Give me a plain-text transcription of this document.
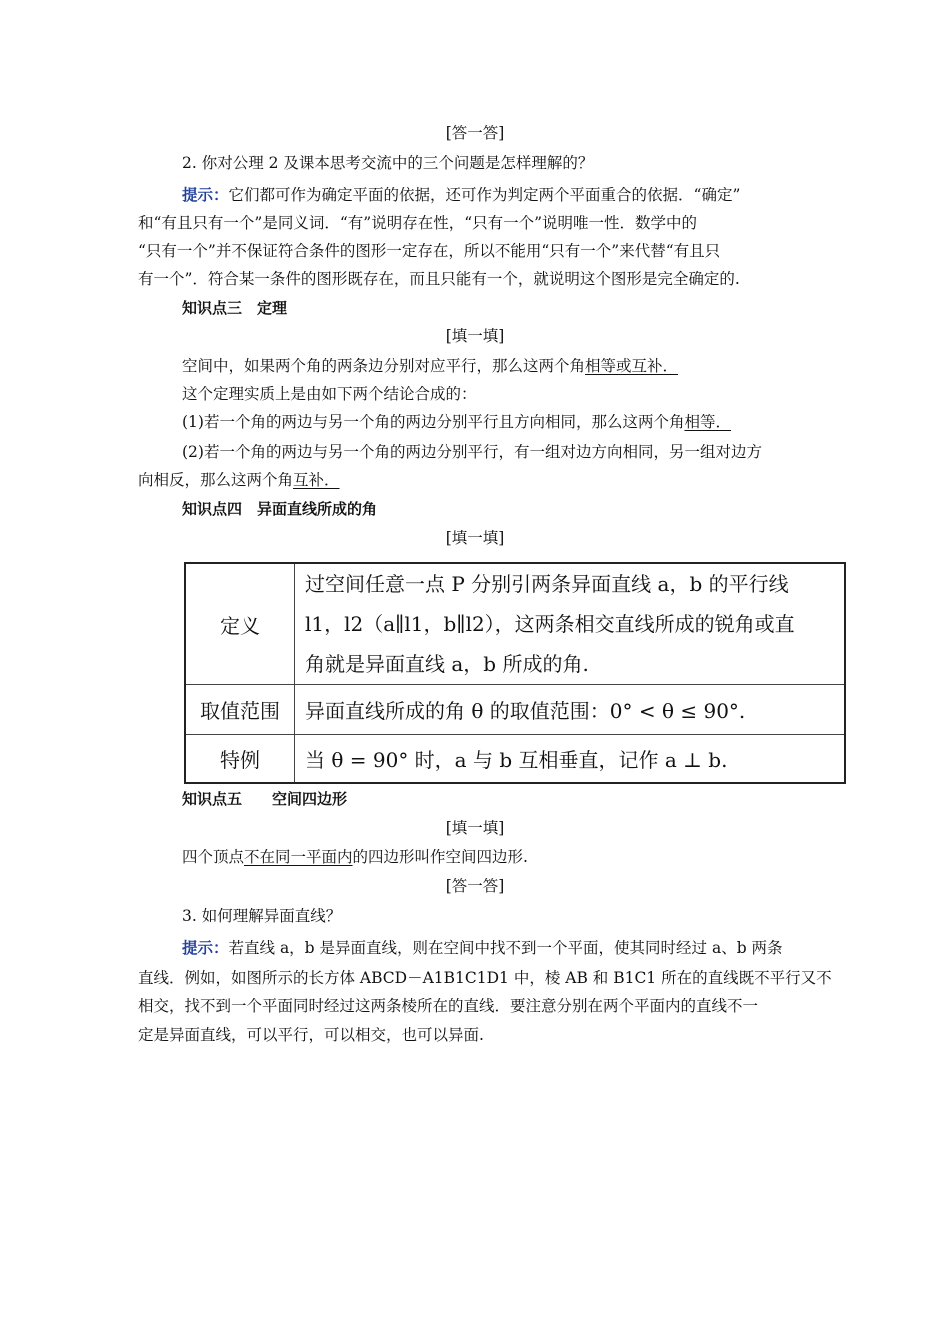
[答一答]
2. 你对公理 2 及课本思考交流中的三个问题是怎样理解的？
提示：它们都可作为确定平面的依据，还可作为判定两个平面重合的依据．“确定”
和“有且只有一个”是同义词．“有”说明存在性，“只有一个”说明唯一性．数学中的
“只有一个”并不保证符合条件的图形一定存在，所以不能用“只有一个”来代替“有且只
有一个”．符合某一条件的图形既存在，而且只能有一个，就说明这个图形是完全确定的.
知识点三　定理
[填一填]
空间中，如果两个角的两条边分别对应平行，那么这两个角相等或互补．
这个定理实质上是由如下两个结论合成的：
(1)若一个角的两边与另一个角的两边分别平行且方向相同，那么这两个角相等．
(2)若一个角的两边与另一个角的两边分别平行，有一组对边方向相同，另一组对边方
向相反，那么这两个角互补．
知识点四　异面直线所成的角
[填一填]
定义	过空间任意一点 P 分别引两条异面直线 a，b 的平行线
l1，l2（a∥l1，b∥l2），这两条相交直线所成的锐角或直
角就是异面直线 a，b 所成的角.

取值范围	异面直线所成的角 θ 的取值范围：0° < θ ≤ 90°.
特例	当 θ = 90° 时，a 与 b 互相垂直，记作 a ⊥ b.
知识点五　　空间四边形
[填一填]
四个顶点不在同一平面内的四边形叫作空间四边形.
[答一答]
3. 如何理解异面直线？
提示：若直线 a，b 是异面直线，则在空间中找不到一个平面，使其同时经过 a、b 两条
直线．例如，如图所示的长方体 ABCD－A1B1C1D1 中，棱 AB 和 B1C1 所在的直线既不平行又不
相交，找不到一个平面同时经过这两条棱所在的直线．要注意分别在两个平面内的直线不一
定是异面直线，可以平行，可以相交，也可以异面.
